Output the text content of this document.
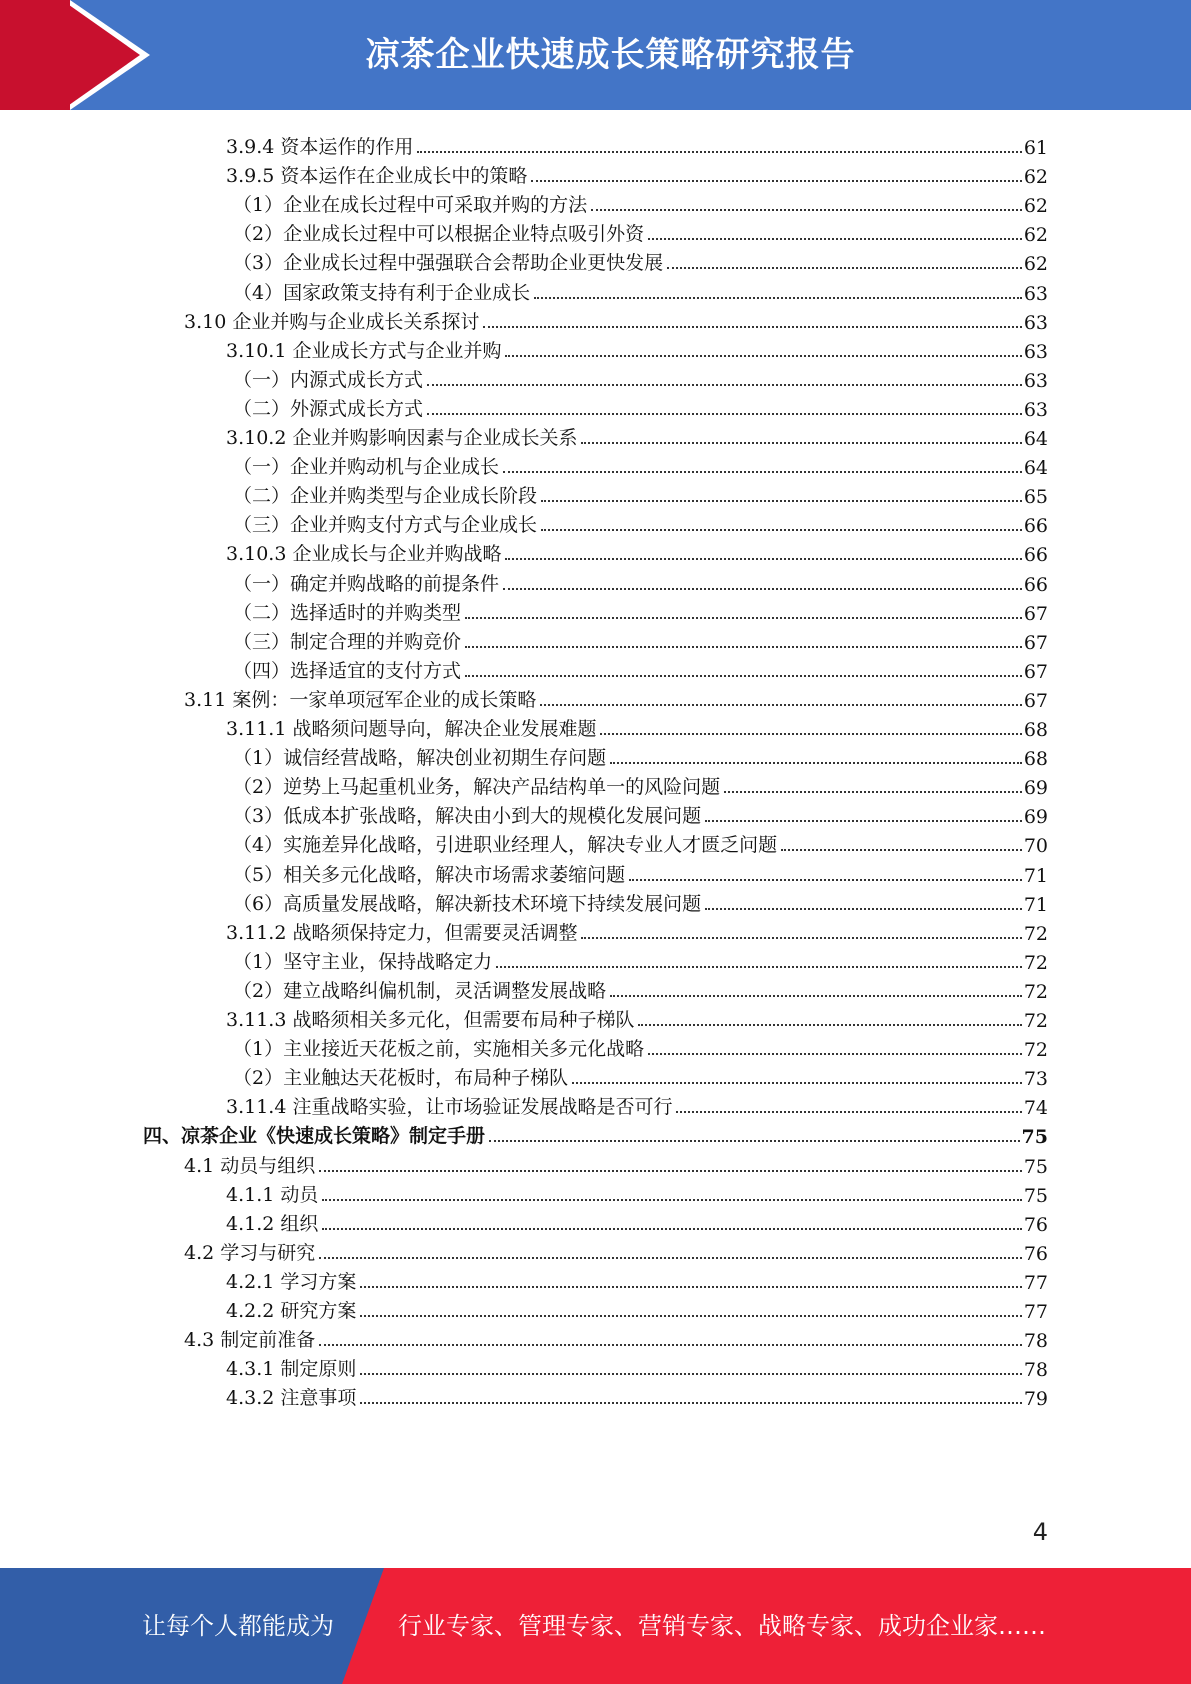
凉茶企业快速成长策略研究报告
3.9.4 资本运作的作用	61
3.9.5 资本运作在企业成长中的策略	62
（1）企业在成长过程中可采取并购的方法	62
（2）企业成长过程中可以根据企业特点吸引外资	62
（3）企业成长过程中强强联合会帮助企业更快发展	62
（4）国家政策支持有利于企业成长	63
3.10 企业并购与企业成长关系探讨	63
3.10.1 企业成长方式与企业并购	63
（一）内源式成长方式	63
（二）外源式成长方式	63
3.10.2 企业并购影响因素与企业成长关系	64
（一）企业并购动机与企业成长	64
（二）企业并购类型与企业成长阶段	65
（三）企业并购支付方式与企业成长	66
3.10.3 企业成长与企业并购战略	66
（一）确定并购战略的前提条件	66
（二）选择适时的并购类型	67
（三）制定合理的并购竞价	67
（四）选择适宜的支付方式	67
3.11 案例：一家单项冠军企业的成长策略	67
3.11.1 战略须问题导向，解决企业发展难题	68
（1）诚信经营战略，解决创业初期生存问题	68
（2）逆势上马起重机业务，解决产品结构单一的风险问题	69
（3）低成本扩张战略，解决由小到大的规模化发展问题	69
（4）实施差异化战略，引进职业经理人，解决专业人才匮乏问题	70
（5）相关多元化战略，解决市场需求萎缩问题	71
（6）高质量发展战略，解决新技术环境下持续发展问题	71
3.11.2 战略须保持定力，但需要灵活调整	72
（1）坚守主业，保持战略定力	72
（2）建立战略纠偏机制，灵活调整发展战略	72
3.11.3 战略须相关多元化，但需要布局种子梯队	72
（1）主业接近天花板之前，实施相关多元化战略	72
（2）主业触达天花板时，布局种子梯队	73
3.11.4 注重战略实验，让市场验证发展战略是否可行	74
四、凉茶企业《快速成长策略》制定手册	75
4.1 动员与组织	75
4.1.1 动员	75
4.1.2 组织	76
4.2 学习与研究	76
4.2.1 学习方案	77
4.2.2 研究方案	77
4.3 制定前准备	78
4.3.1 制定原则	78
4.3.2 注意事项	79
4
让每个人都能成为	行业专家、管理专家、营销专家、战略专家、成功企业家……
